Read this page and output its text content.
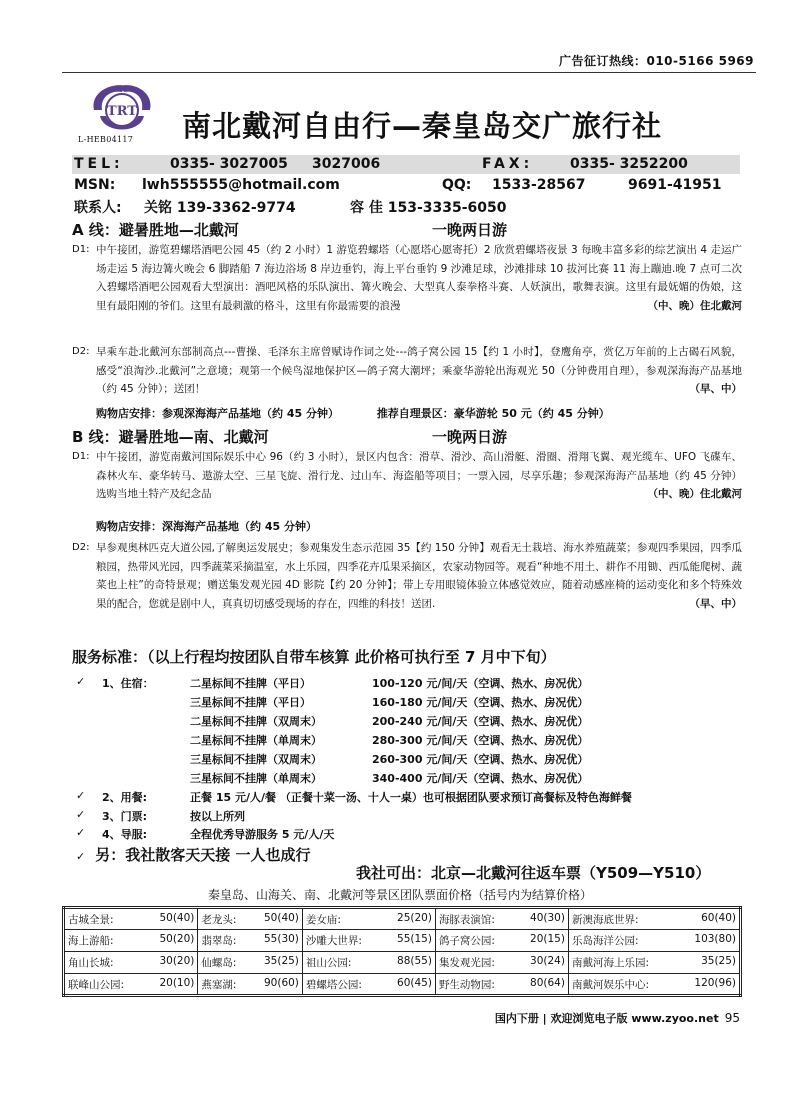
广告征订热线：010-5166 5969
TRT
L-HEB04117 南北戴河自由行—秦皇岛交广旅行社
TEL:	0335- 3027005 3027006	FAX:	0335- 3252200
MSN: lwh555555@hotmail.com	QQ: 1533-28567	9691-41951
联系人: 关铭 139-3362-9774	容 佳 153-3335-6050
A 线：避暑胜地—北戴河	一晚两日游
D1: 中午接团，游览碧螺塔酒吧公园 45（约 2 小时）1 游览碧螺塔（心愿塔心愿寄托）2 欣赏碧螺塔夜景 3 每晚丰富多彩的综艺演出 4 走运广场走运 5 海边篝火晚会 6 脚踏船 7 海边浴场 8 岸边垂钓，海上平台垂钓 9 沙滩足球，沙滩排球 10 拔河比赛 11 海上蹦迪.晚 7 点可二次入碧螺塔酒吧公园观看大型演出：酒吧风格的乐队演出、篝火晚会、大型真人泰拳格斗赛、人妖演出，歌舞表演。这里有最妩媚的伪娘，这里有最阳刚的爷们。这里有最刺激的格斗，这里有你最需要的浪漫	（中、晚）住北戴河
D2: 早乘车赴北戴河东部制高点---曹操、毛泽东主席曾赋诗作词之处---鸽子窝公园 15【约 1 小时】，登鹰角亭，赏亿万年前的上古碣石风貌，感受“浪淘沙.北戴河”之意境；观第一个候鸟湿地保护区—鸽子窝大潮坪；乘豪华游轮出海观光 50（分钟费用自理），参观深海海产品基地（约 45 分钟）；送团！	（早、中）
购物店安排：参观深海海产品基地（约 45 分钟）	推荐自理景区：豪华游轮 50 元（约 45 分钟）
B 线：避暑胜地—南、北戴河	一晚两日游
D1: 中午接团，游览南戴河国际娱乐中心 96（约 3 小时），景区内包含：滑草、滑沙、高山滑艇、滑圈、滑翔飞翼、观光缆车、UFO 飞碟车、森林火车、豪华转马、遨游太空、三星飞旋、滑行龙、过山车、海盗船等项目；一票入园，尽享乐趣；参观深海海产品基地（约 45 分钟）选购当地土特产及纪念品	（中、晚）住北戴河
购物店安排：深海海产品基地（约 45 分钟）
D2: 早参观奥林匹克大道公园,了解奥运发展史；参观集发生态示范园 35【约 150 分钟】观看无土栽培、海水养殖蔬菜；参观四季果园，四季瓜粮园，热带风光园，四季蔬菜采摘温室，水上乐园，四季花卉瓜果采摘区，农家动物园等。观看“种地不用土、耕作不用锄、西瓜能爬树、蔬菜也上柱”的奇特景观；赠送集发观光园 4D 影院【约 20 分钟】；带上专用眼镜体验立体感觉效应，随着动感座椅的运动变化和多个特殊效果的配合，您就是剧中人，真真切切感受现场的存在，四维的科技！送团.	（早、中）
服务标准：（以上行程均按团队自带车核算 此价格可执行至 7 月中下旬）
✓ 1、住宿：	二星标间不挂牌（平日）	100-120 元/间/天（空调、热水、房况优）
三星标间不挂牌（平日）	160-180 元/间/天（空调、热水、房况优）
二星标间不挂牌（双周末）	200-240 元/间/天（空调、热水、房况优）
二星标间不挂牌（单周末）	280-300 元/间/天（空调、热水、房况优）
三星标间不挂牌（双周末）	260-300 元/间/天（空调、热水、房况优）
三星标间不挂牌（单周末）	340-400 元/间/天（空调、热水、房况优）
✓ 2、用餐:	正餐 15 元/人/餐 （正餐十菜一汤、十人一桌）也可根据团队要求预订高餐标及特色海鲜餐
✓ 3、门票:	按以上所列
✓ 4、导服:	全程优秀导游服务 5 元/人/天
✓ 另：我社散客天天接 一人也成行
我社可出：北京—北戴河往返车票（Y509—Y510）
秦皇岛、山海关、南、北戴河等景区团队票面价格（括号内为结算价格）
古城全景: 50(40)	老龙头: 50(40)	姜女庙: 25(20)	海豚表演馆: 40(30)	新澳海底世界: 60(40)

海上游船: 50(20)	翡翠岛: 55(30)	沙雕大世界: 55(15)	鸽子窝公园: 20(15)	乐岛海洋公园: 103(80)

角山长城: 30(20)	仙螺岛: 35(25)	祖山公园: 88(55)	集发观光园: 30(24)	南戴河海上乐园: 35(25)

联峰山公园: 20(10)	燕塞湖: 90(60)	碧螺塔公园: 60(45)	野生动物园: 80(64)	南戴河娱乐中心: 120(96)
国内下册 | 欢迎浏览电子版 www.zyoo.net 95
